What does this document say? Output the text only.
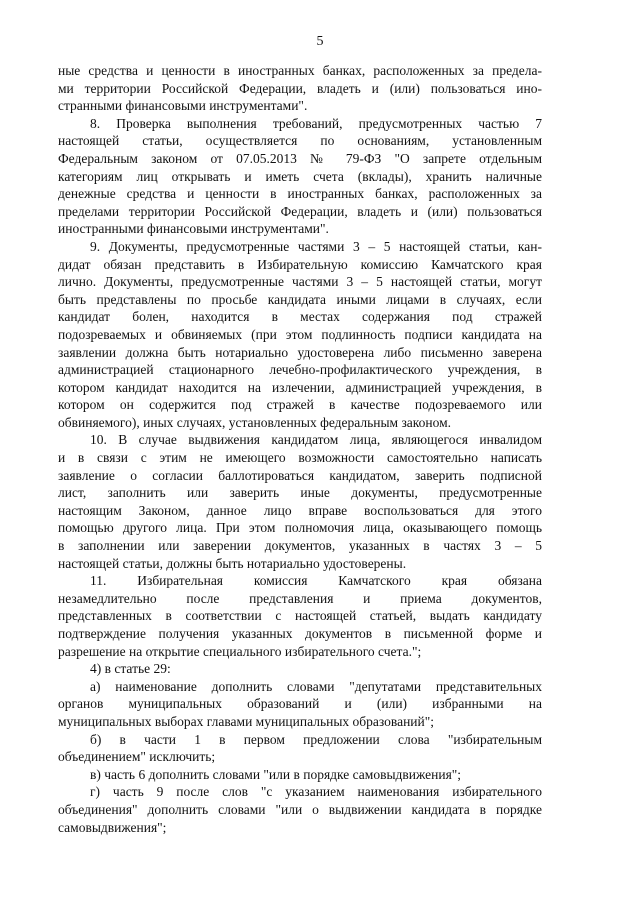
5
ные средства и ценности в иностранных банках, расположенных за предела-
ми территории Российской Федерации, владеть и (или) пользоваться ино-
странными финансовыми инструментами".
8. Проверка выполнения требований, предусмотренных частью 7
настоящей статьи, осуществляется по основаниям, установленным
Федеральным законом от 07.05.2013 № 79-ФЗ "О запрете отдельным
категориям лиц открывать и иметь счета (вклады), хранить наличные
денежные средства и ценности в иностранных банках, расположенных за
пределами территории Российской Федерации, владеть и (или) пользоваться
иностранными финансовыми инструментами".
9. Документы, предусмотренные частями 3 – 5 настоящей статьи, кан-
дидат обязан представить в Избирательную комиссию Камчатского края
лично. Документы, предусмотренные частями 3 – 5 настоящей статьи, могут
быть представлены по просьбе кандидата иными лицами в случаях, если
кандидат болен, находится в местах содержания под стражей
подозреваемых и обвиняемых (при этом подлинность подписи кандидата на
заявлении должна быть нотариально удостоверена либо письменно заверена
администрацией стационарного лечебно-профилактического учреждения, в
котором кандидат находится на излечении, администрацией учреждения, в
котором он содержится под стражей в качестве подозреваемого или
обвиняемого), иных случаях, установленных федеральным законом.
10. В случае выдвижения кандидатом лица, являющегося инвалидом
и в связи с этим не имеющего возможности самостоятельно написать
заявление о согласии баллотироваться кандидатом, заверить подписной
лист, заполнить или заверить иные документы, предусмотренные
настоящим Законом, данное лицо вправе воспользоваться для этого
помощью другого лица. При этом полномочия лица, оказывающего помощь
в заполнении или заверении документов, указанных в частях 3 – 5
настоящей статьи, должны быть нотариально удостоверены.
11. Избирательная комиссия Камчатского края обязана
незамедлительно после представления и приема документов,
представленных в соответствии с настоящей статьей, выдать кандидату
подтверждение получения указанных документов в письменной форме и
разрешение на открытие специального избирательного счета.";
4) в статье 29:
а) наименование дополнить словами "депутатами представительных
органов муниципальных образований и (или) избранными на
муниципальных выборах главами муниципальных образований";
б) в части 1 в первом предложении слова "избирательным
объединением" исключить;
в) часть 6 дополнить словами "или в порядке самовыдвижения";
г) часть 9 после слов "с указанием наименования избирательного
объединения" дополнить словами "или о выдвижении кандидата в порядке
самовыдвижения";
